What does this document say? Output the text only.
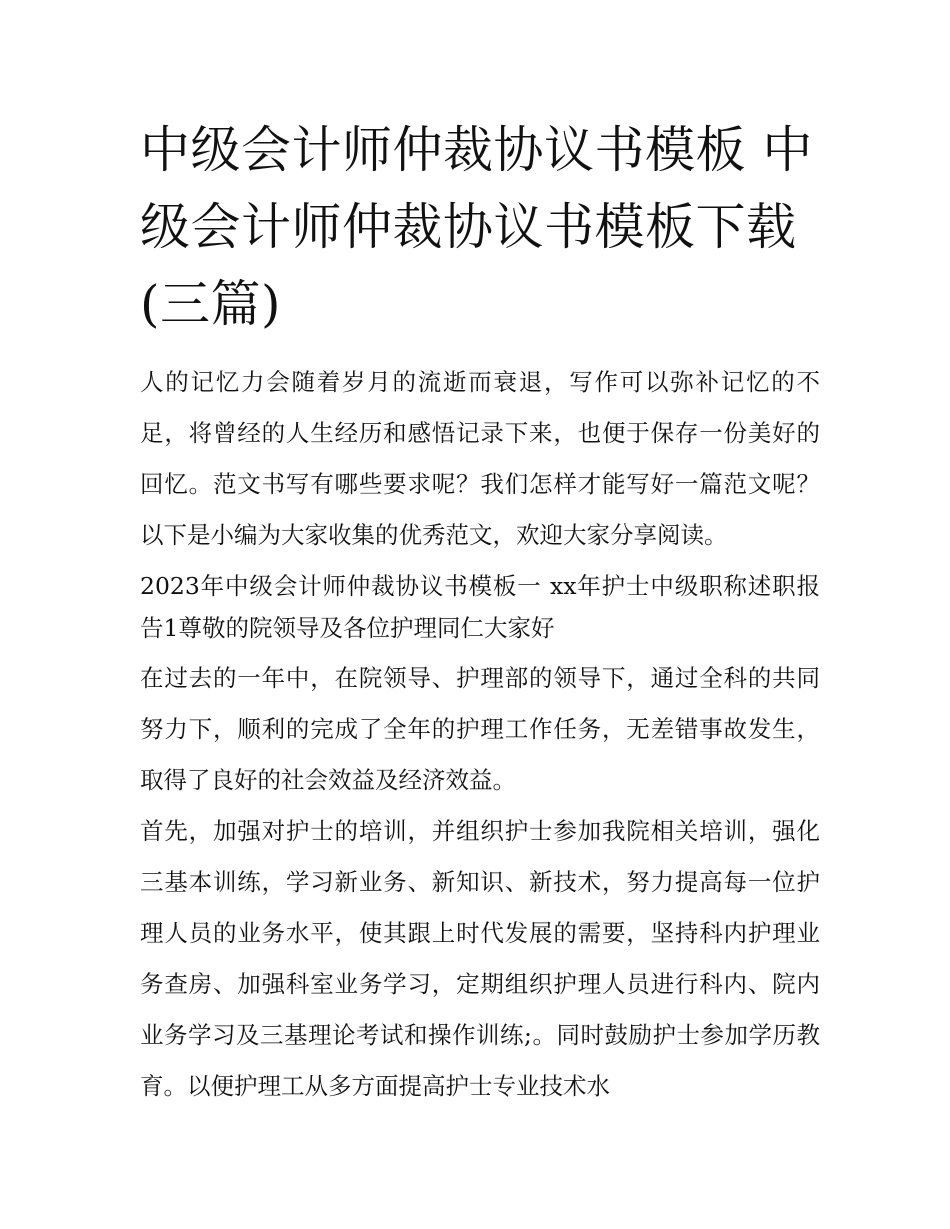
中级会计师仲裁协议书模板 中级会计师仲裁协议书模板下载(三篇)

人的记忆力会随着岁月的流逝而衰退，写作可以弥补记忆的不足，将曾经的人生经历和感悟记录下来，也便于保存一份美好的回忆。范文书写有哪些要求呢？我们怎样才能写好一篇范文呢？以下是小编为大家收集的优秀范文，欢迎大家分享阅读。

2023年中级会计师仲裁协议书模板一 xx年护士中级职称述职报告1尊敬的院领导及各位护理同仁大家好

在过去的一年中，在院领导、护理部的领导下，通过全科的共同努力下，顺利的完成了全年的护理工作任务，无差错事故发生，取得了良好的社会效益及经济效益。

首先，加强对护士的培训，并组织护士参加我院相关培训，强化三基本训练，学习新业务、新知识、新技术，努力提高每一位护理人员的业务水平，使其跟上时代发展的需要，坚持科内护理业务查房、加强科室业务学习，定期组织护理人员进行科内、院内业务学习及三基理论考试和操作训练;。同时鼓励护士参加学历教育。以便护理工从多方面提高护士专业技术水
